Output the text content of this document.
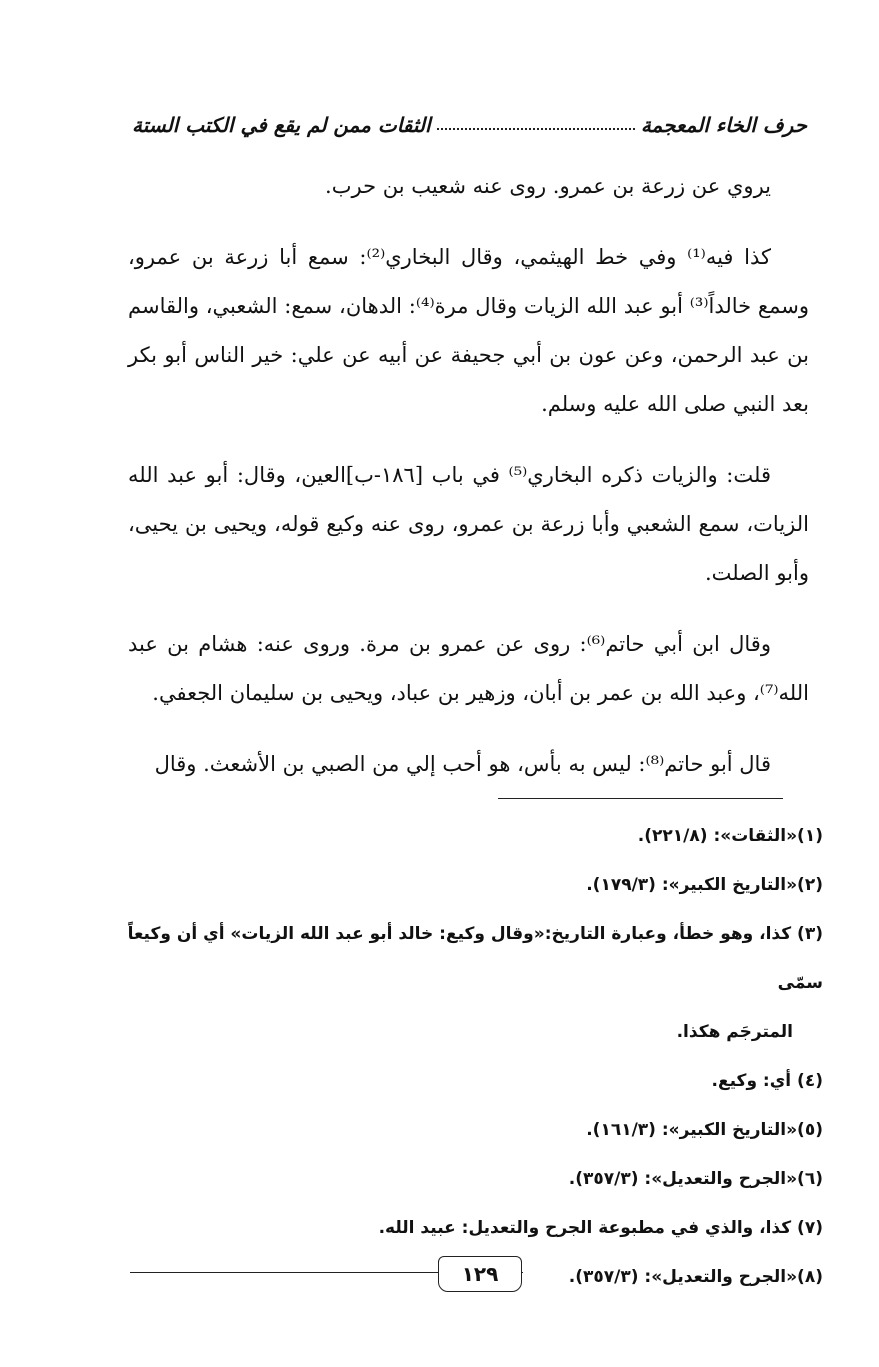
حرف الخاء المعجمة
الثقات ممن لم يقع في الكتب الستة

يروي عن زرعة بن عمرو. روى عنه شعيب بن حرب.

كذا فيه⁽¹⁾ وفي خط الهيثمي، وقال البخاري⁽²⁾: سمع أبا زرعة بن عمرو، وسمع خالداً⁽³⁾ أبو عبد الله الزيات وقال مرة⁽⁴⁾: الدهان، سمع: الشعبي، والقاسم بن عبد الرحمن، وعن عون بن أبي جحيفة عن أبيه عن علي: خير الناس أبو بكر بعد النبي صلى الله عليه وسلم.

قلت: والزيات ذكره البخاري⁽⁵⁾ في باب [١٨٦-ب]العين، وقال: أبو عبد الله الزيات، سمع الشعبي وأبا زرعة بن عمرو، روى عنه وكيع قوله، ويحيى بن يحيى، وأبو الصلت.

وقال ابن أبي حاتم⁽⁶⁾: روى عن عمرو بن مرة. وروى عنه: هشام بن عبد الله⁽⁷⁾، وعبد الله بن عمر بن أبان، وزهير بن عباد، ويحيى بن سليمان الجعفي.

قال أبو حاتم⁽⁸⁾: ليس به بأس، هو أحب إلي من الصبي بن الأشعث. وقال

(١)«الثقات»: (٢٢١/٨).

(٢)«التاريخ الكبير»: (١٧٩/٣).

(٣) كذا، وهو خطأ، وعبارة التاريخ:«وقال وكيع: خالد أبو عبد الله الزيات» أي أن وكيعاً سمّى
المترجَم هكذا.

(٤) أي: وكيع.

(٥)«التاريخ الكبير»: (١٦١/٣).

(٦)«الجرح والتعديل»: (٣٥٧/٣).

(٧) كذا، والذي في مطبوعة الجرح والتعديل: عبيد الله.

(٨)«الجرح والتعديل»: (٣٥٧/٣).

١٢٩
